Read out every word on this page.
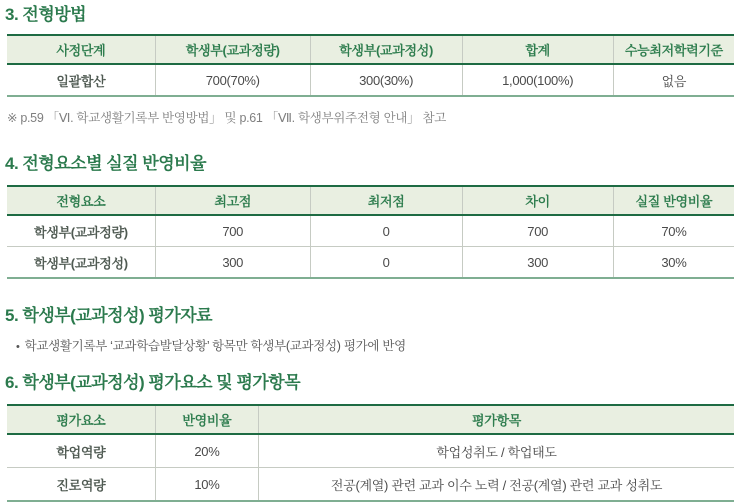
3. 전형방법
사정단계	학생부(교과정량)	학생부(교과정성)	합계	수능최저학력기준
일괄합산	700(70%)	300(30%)	1,000(100%)	없음
※ p.59 「Ⅵ. 학교생활기록부 반영방법」 및 p.61 「Ⅶ. 학생부위주전형 안내」 참고
4. 전형요소별 실질 반영비율
전형요소	최고점	최저점	차이	실질 반영비율
학생부(교과정량)	700	0	700	70%
학생부(교과정성)	300	0	300	30%
5. 학생부(교과정성) 평가자료
• 학교생활기록부 ‘교과학습발달상황’ 항목만 학생부(교과정성) 평가에 반영
6. 학생부(교과정성) 평가요소 및 평가항목
평가요소	반영비율	평가항목
학업역량	20%	학업성취도 / 학업태도
진로역량	10%	전공(계열) 관련 교과 이수 노력 / 전공(계열) 관련 교과 성취도
